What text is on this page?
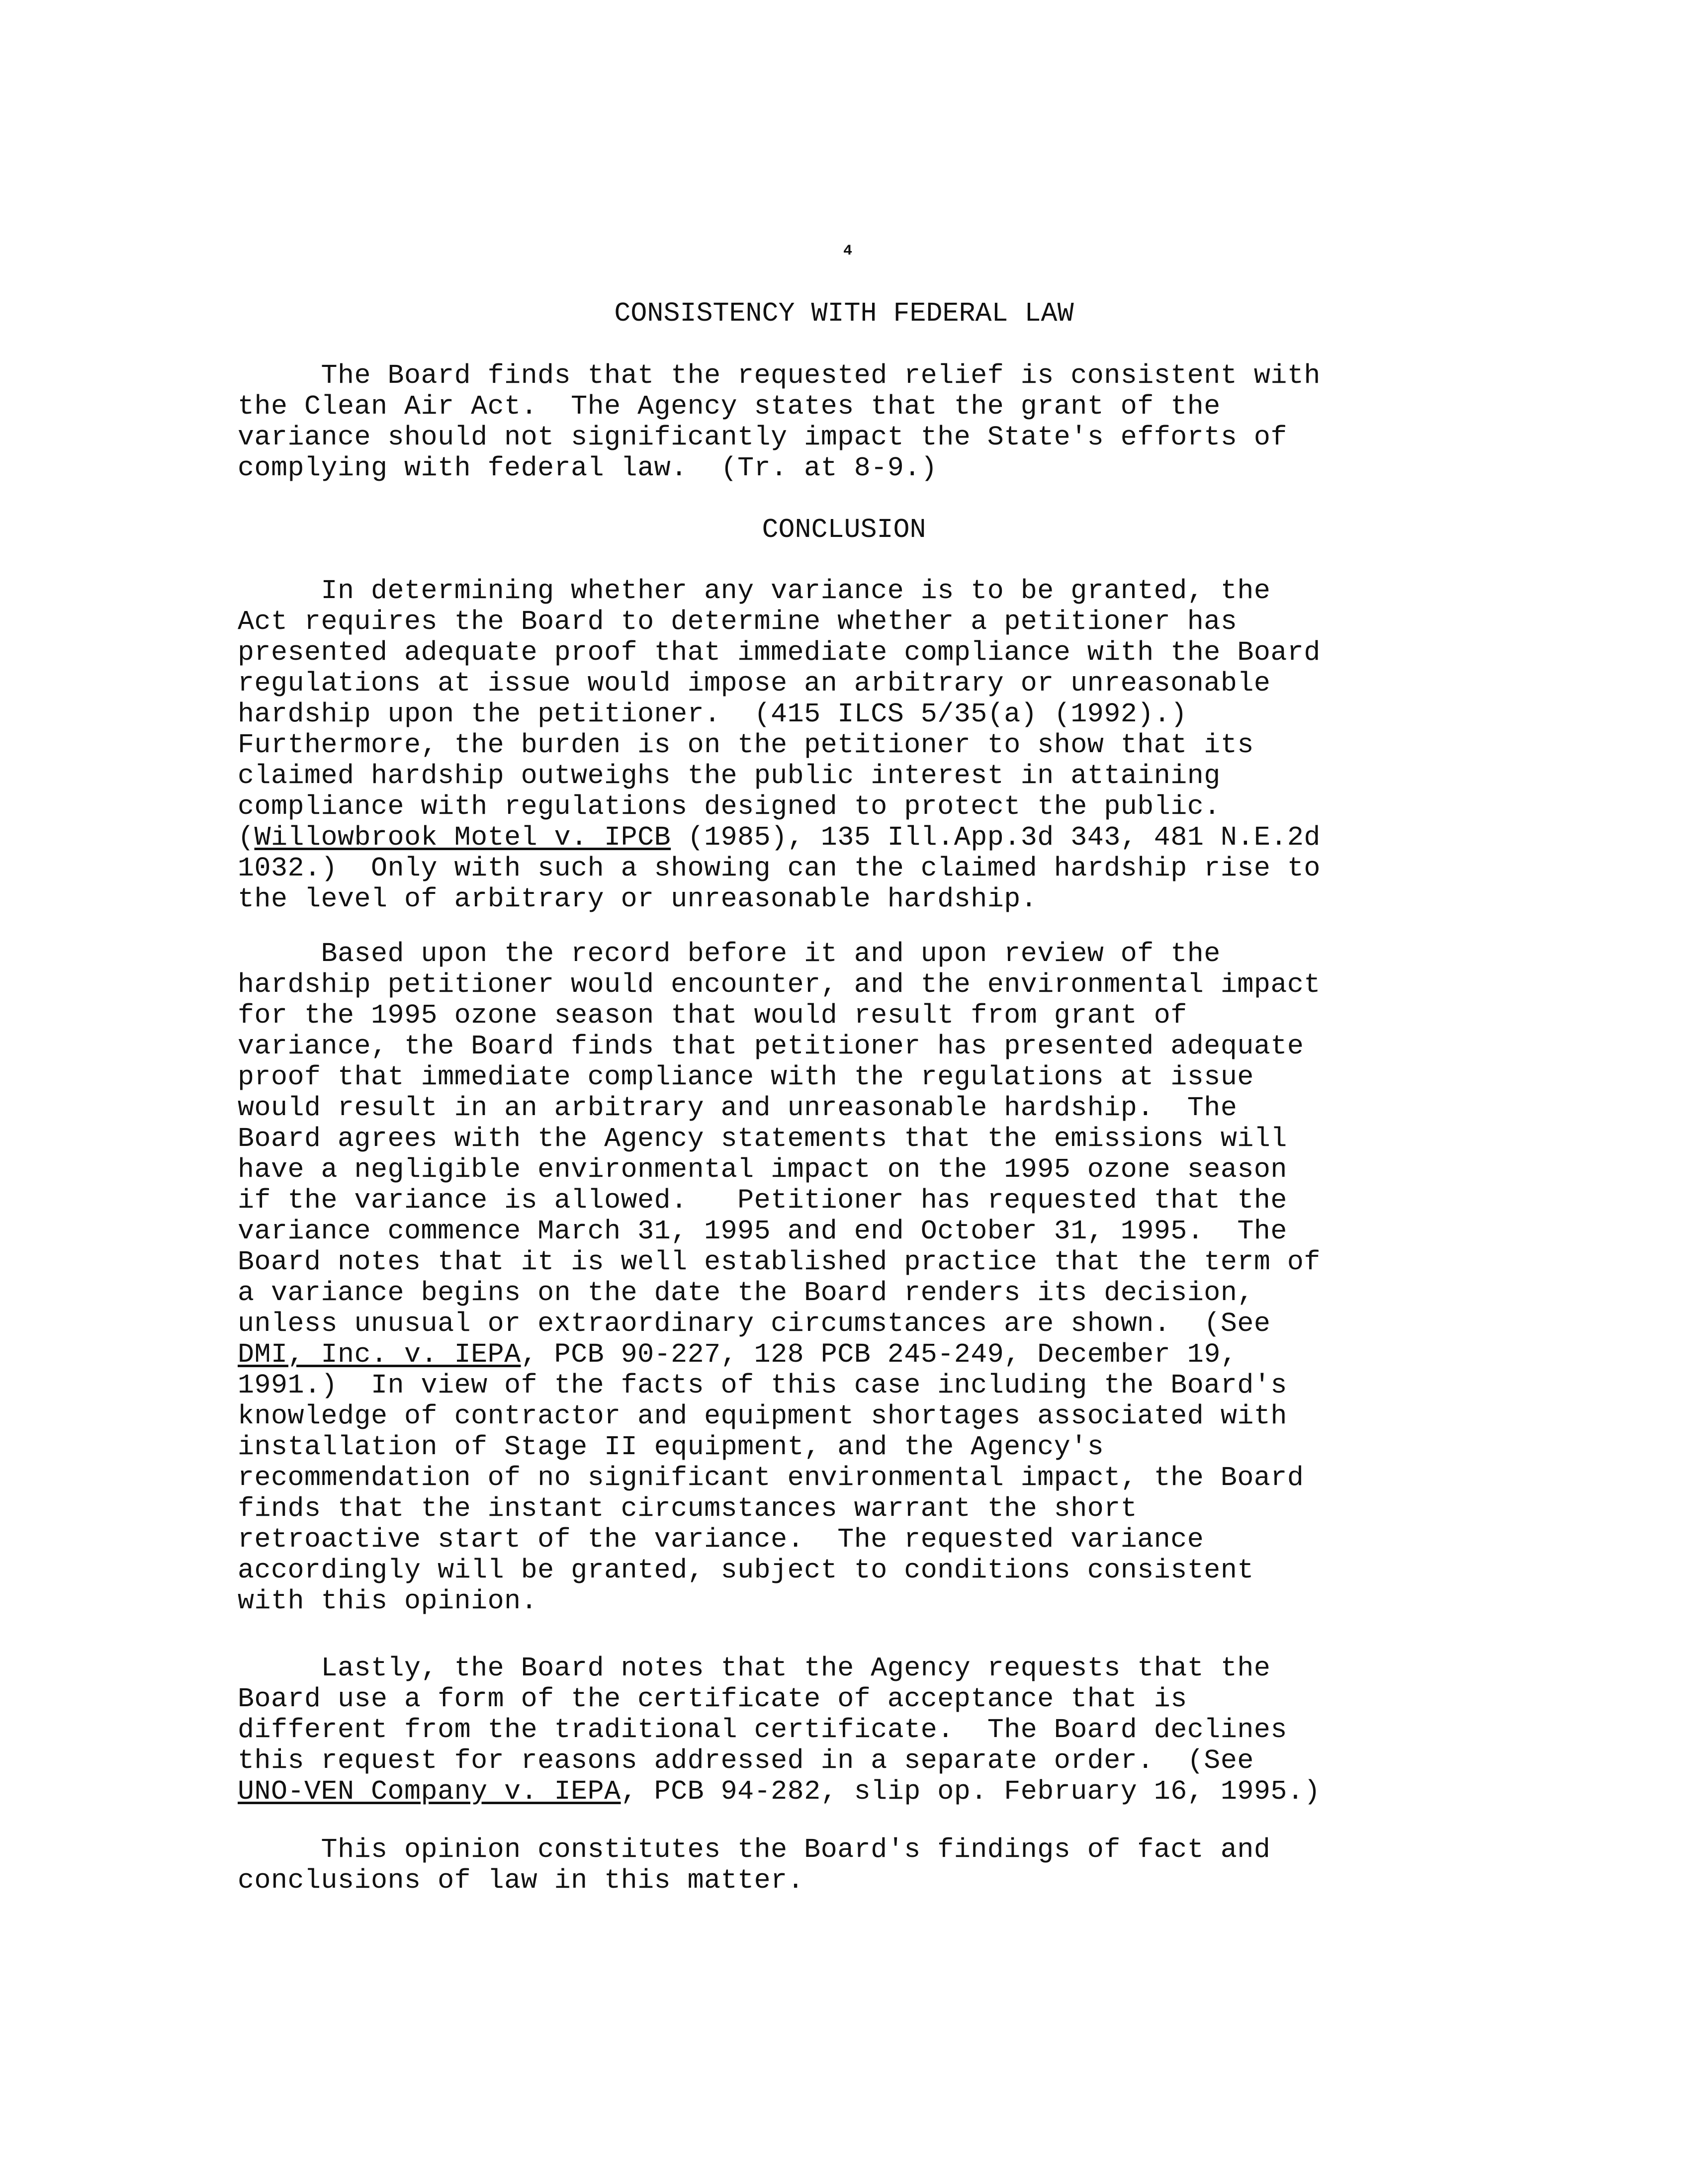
4
CONSISTENCY WITH FEDERAL LAW

The Board finds that the requested relief is consistent with

the Clean Air Act.  The Agency states that the grant of the

variance should not significantly impact the State's efforts of

complying with federal law.  (Tr. at 8-9.)

CONCLUSION

In determining whether any variance is to be granted, the

Act requires the Board to determine whether a petitioner has

presented adequate proof that immediate compliance with the Board

regulations at issue would impose an arbitrary or unreasonable

hardship upon the petitioner.  (415 ILCS 5/35(a) (1992).)

Furthermore, the burden is on the petitioner to show that its

claimed hardship outweighs the public interest in attaining

compliance with regulations designed to protect the public.

(Willowbrook Motel v. IPCB (1985), 135 Ill.App.3d 343, 481 N.E.2d

1032.)  Only with such a showing can the claimed hardship rise to

the level of arbitrary or unreasonable hardship.

Based upon the record before it and upon review of the

hardship petitioner would encounter, and the environmental impact

for the 1995 ozone season that would result from grant of

variance, the Board finds that petitioner has presented adequate

proof that immediate compliance with the regulations at issue

would result in an arbitrary and unreasonable hardship.  The

Board agrees with the Agency statements that the emissions will

have a negligible environmental impact on the 1995 ozone season

if the variance is allowed.   Petitioner has requested that the

variance commence March 31, 1995 and end October 31, 1995.  The

Board notes that it is well established practice that the term of

a variance begins on the date the Board renders its decision,

unless unusual or extraordinary circumstances are shown.  (See

DMI, Inc. v. IEPA, PCB 90-227, 128 PCB 245-249, December 19,

1991.)  In view of the facts of this case including the Board's

knowledge of contractor and equipment shortages associated with

installation of Stage II equipment, and the Agency's

recommendation of no significant environmental impact, the Board

finds that the instant circumstances warrant the short

retroactive start of the variance.  The requested variance

accordingly will be granted, subject to conditions consistent

with this opinion.

Lastly, the Board notes that the Agency requests that the

Board use a form of the certificate of acceptance that is

different from the traditional certificate.  The Board declines

this request for reasons addressed in a separate order.  (See

UNO-VEN Company v. IEPA, PCB 94-282, slip op. February 16, 1995.)

This opinion constitutes the Board's findings of fact and

conclusions of law in this matter.
